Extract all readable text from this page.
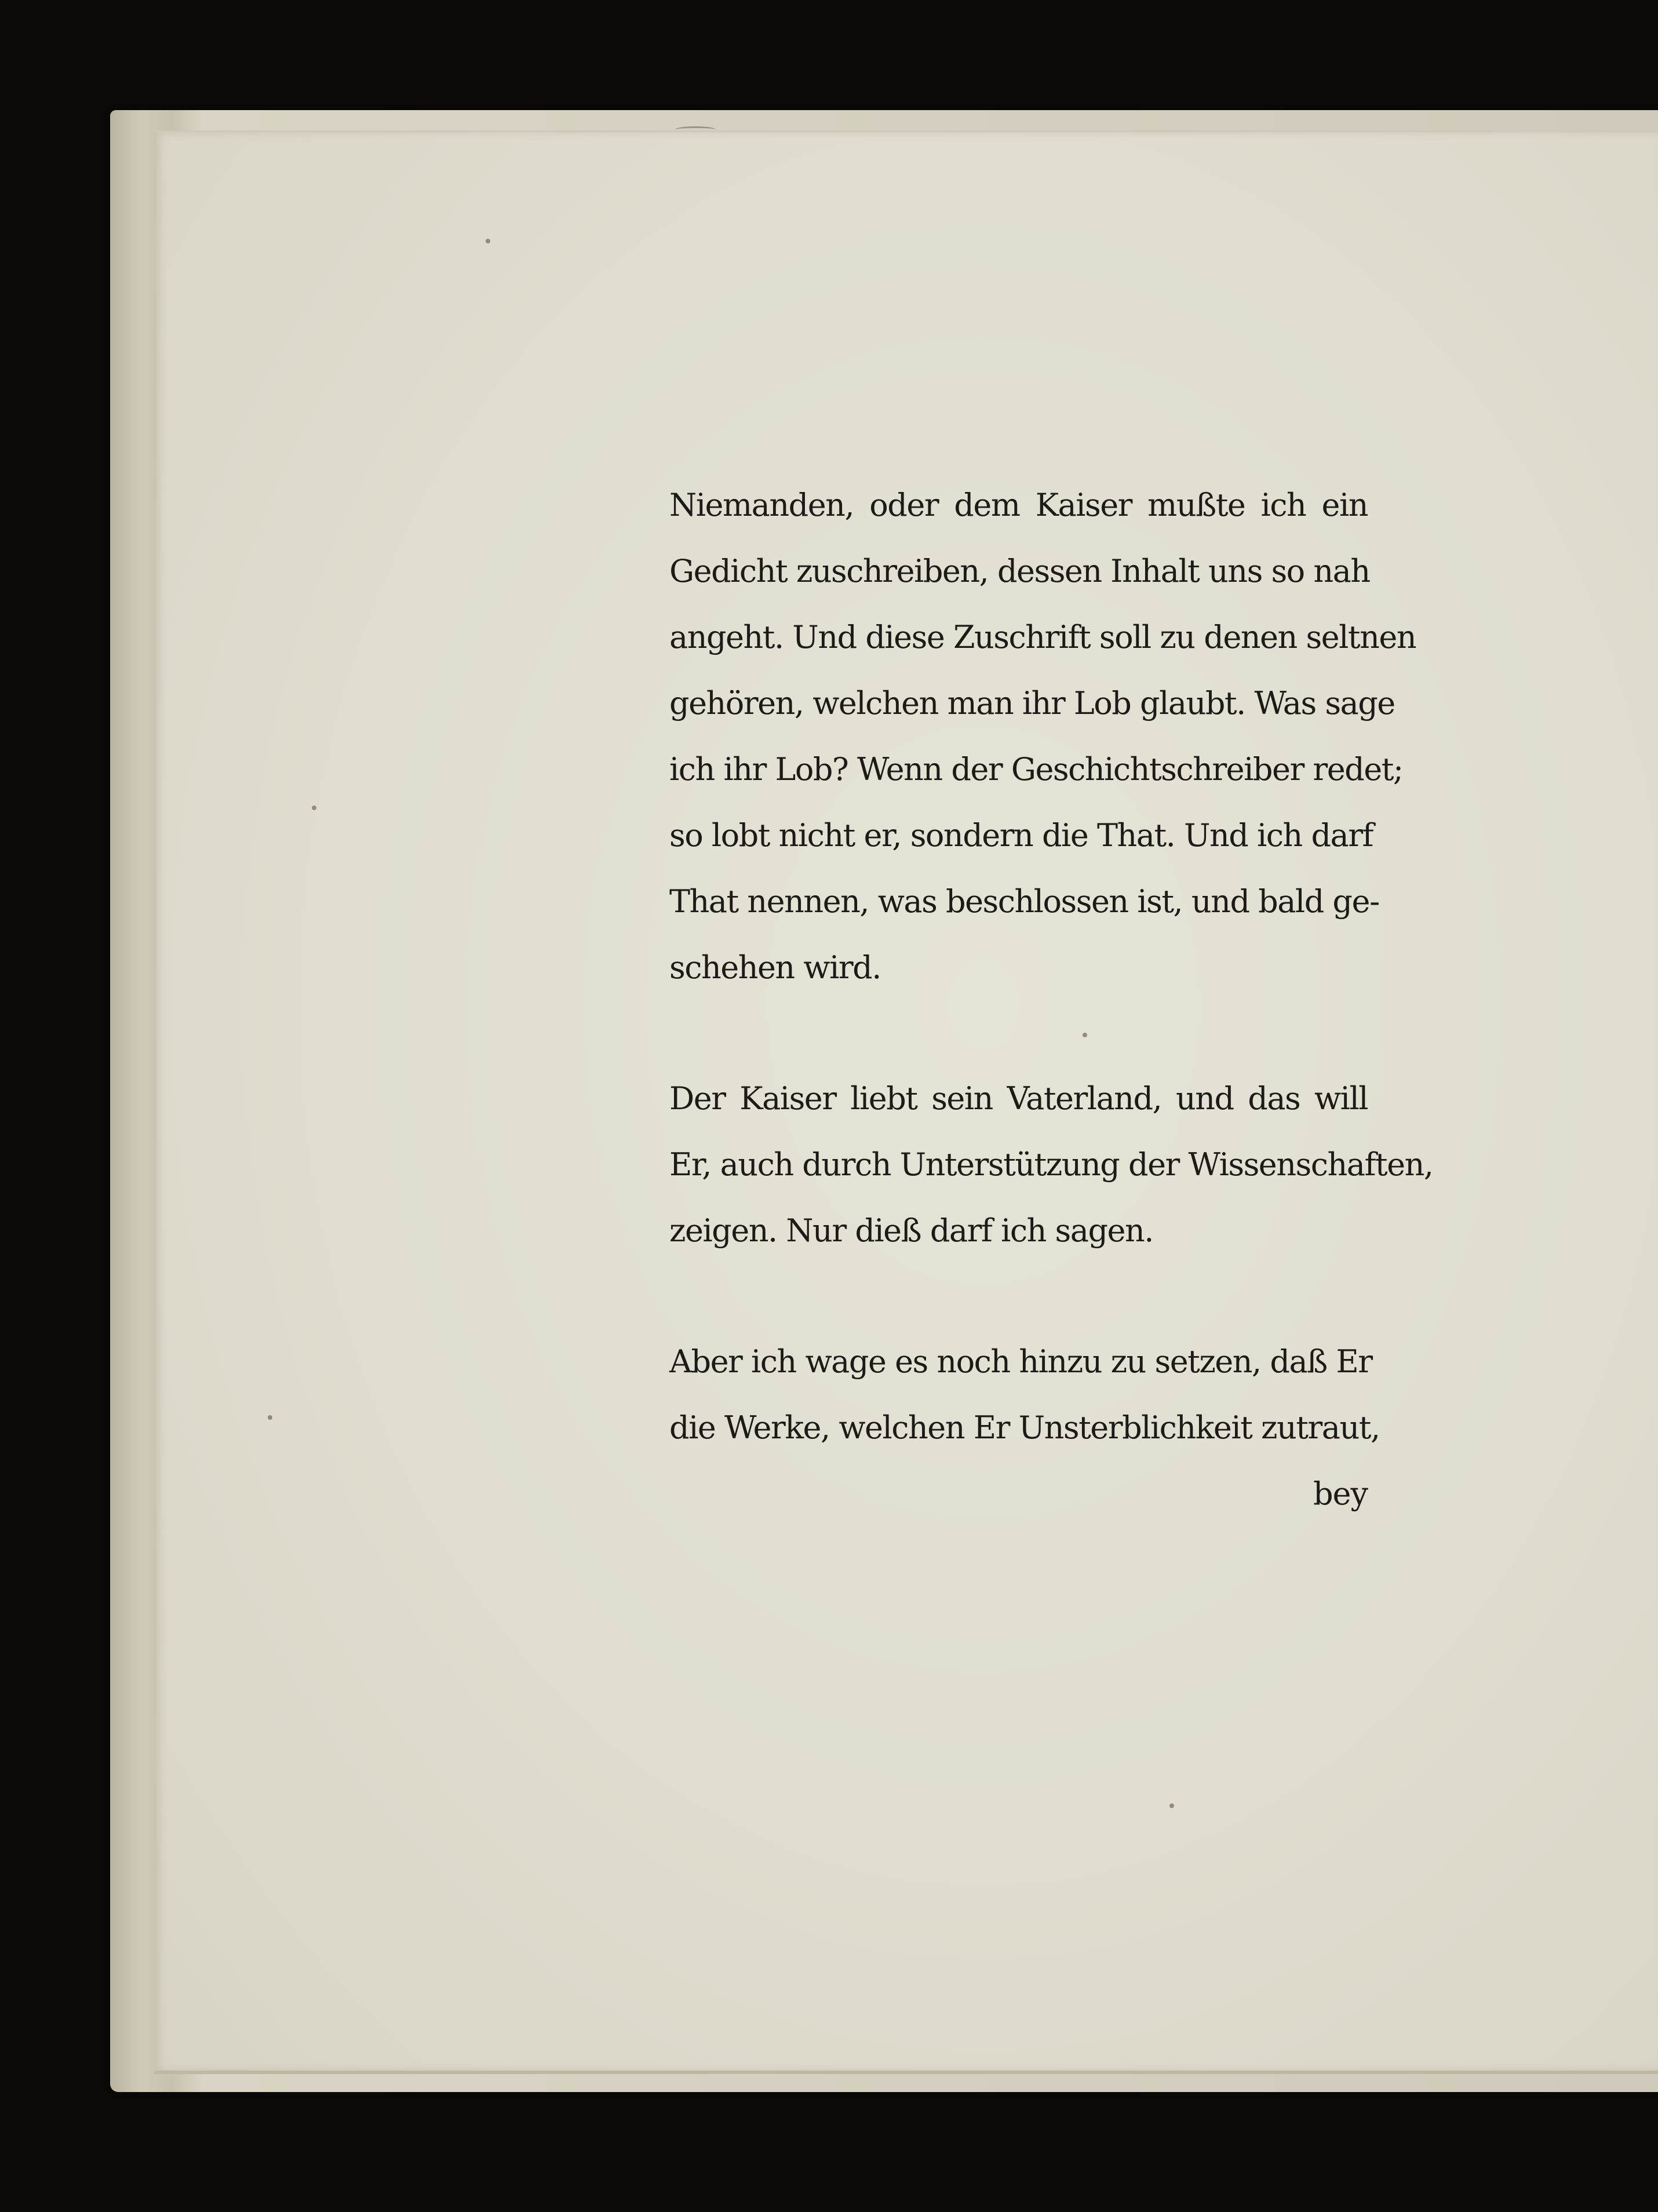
Niemanden, oder dem Kaiser mußte ich ein
Gedicht zuschreiben, dessen Inhalt uns so nah
angeht. Und diese Zuschrift soll zu denen seltnen
gehören, welchen man ihr Lob glaubt. Was sage
ich ihr Lob? Wenn der Geschichtschreiber redet;
so lobt nicht er, sondern die That. Und ich darf
That nennen, was beschlossen ist, und bald ge-
schehen wird.

Der Kaiser liebt sein Vaterland, und das will
Er, auch durch Unterstützung der Wissenschaften,
zeigen. Nur dieß darf ich sagen.

Aber ich wage es noch hinzu zu setzen, daß Er
die Werke, welchen Er Unsterblichkeit zutraut,

bey
